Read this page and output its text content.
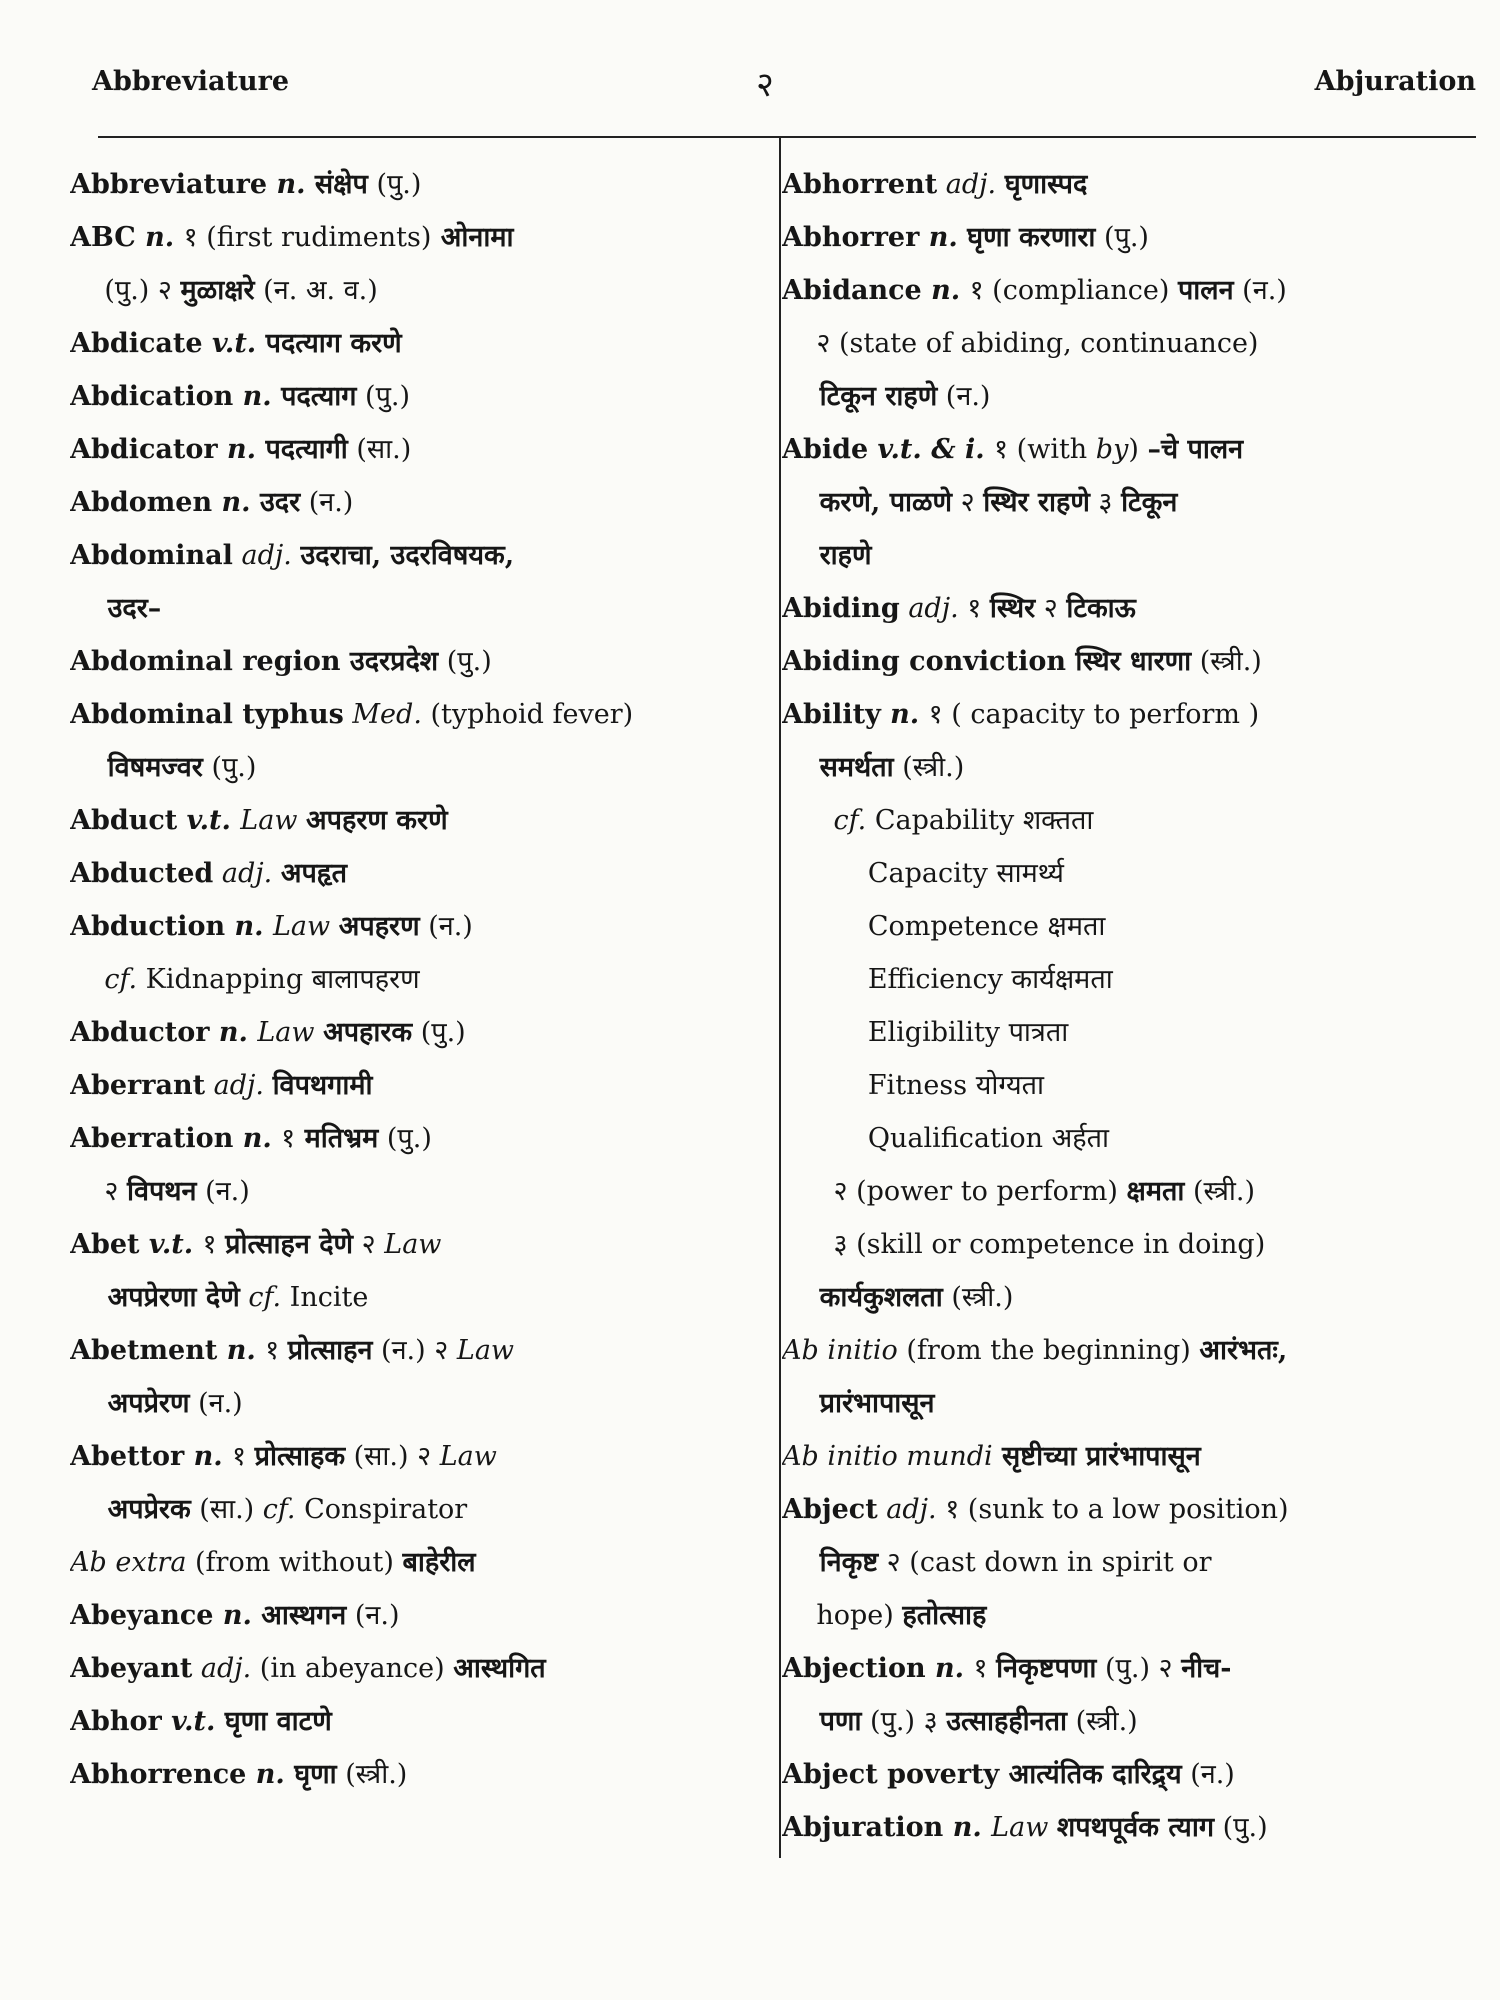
Abbreviature	२	Abjuration
Abbreviature n. संक्षेप (पु.)
ABC n. १ (first rudiments) ओनामा
(पु.) २ मुळाक्षरे (न. अ. व.)
Abdicate v.t. पदत्याग करणे
Abdication n. पदत्याग (पु.)
Abdicator n. पदत्यागी (सा.)
Abdomen n. उदर (न.)
Abdominal adj. उदराचा, उदरविषयक,
उदर–
Abdominal region उदरप्रदेश (पु.)
Abdominal typhus Med. (typhoid fever)
विषमज्वर (पु.)
Abduct v.t. Law अपहरण करणे
Abducted adj. अपहृत
Abduction n. Law अपहरण (न.)
cf. Kidnapping बालापहरण
Abductor n. Law अपहारक (पु.)
Aberrant adj. विपथगामी
Aberration n. १ मतिभ्रम (पु.)
२ विपथन (न.)
Abet v.t. १ प्रोत्साहन देणे २ Law
अपप्रेरणा देणे cf. Incite
Abetment n. १ प्रोत्साहन (न.) २ Law
अपप्रेरण (न.)
Abettor n. १ प्रोत्साहक (सा.) २ Law
अपप्रेरक (सा.) cf. Conspirator
Ab extra (from without) बाहेरील
Abeyance n. आस्थगन (न.)
Abeyant adj. (in abeyance) आस्थगित
Abhor v.t. घृणा वाटणे
Abhorrence n. घृणा (स्त्री.)
Abhorrent adj. घृणास्पद
Abhorrer n. घृणा करणारा (पु.)
Abidance n. १ (compliance) पालन (न.)
२ (state of abiding, continuance)
टिकून राहणे (न.)
Abide v.t. & i. १ (with by) –चे पालन
करणे, पाळणे २ स्थिर राहणे ३ टिकून
राहणे
Abiding adj. १ स्थिर २ टिकाऊ
Abiding conviction स्थिर धारणा (स्त्री.)
Ability n. १ ( capacity to perform )
समर्थता (स्त्री.)
cf. Capability शक्तता
Capacity सामर्थ्य
Competence क्षमता
Efficiency कार्यक्षमता
Eligibility पात्रता
Fitness योग्यता
Qualification अर्हता
२ (power to perform) क्षमता (स्त्री.)
३ (skill or competence in doing)
कार्यकुशलता (स्त्री.)
Ab initio (from the beginning) आरंभतः,
प्रारंभापासून
Ab initio mundi सृष्टीच्या प्रारंभापासून
Abject adj. १ (sunk to a low position)
निकृष्ट २ (cast down in spirit or
hope) हतोत्साह
Abjection n. १ निकृष्टपणा (पु.) २ नीच-
पणा (पु.) ३ उत्साहहीनता (स्त्री.)
Abject poverty आत्यंतिक दारिद्र्य (न.)
Abjuration n. Law शपथपूर्वक त्याग (पु.)
